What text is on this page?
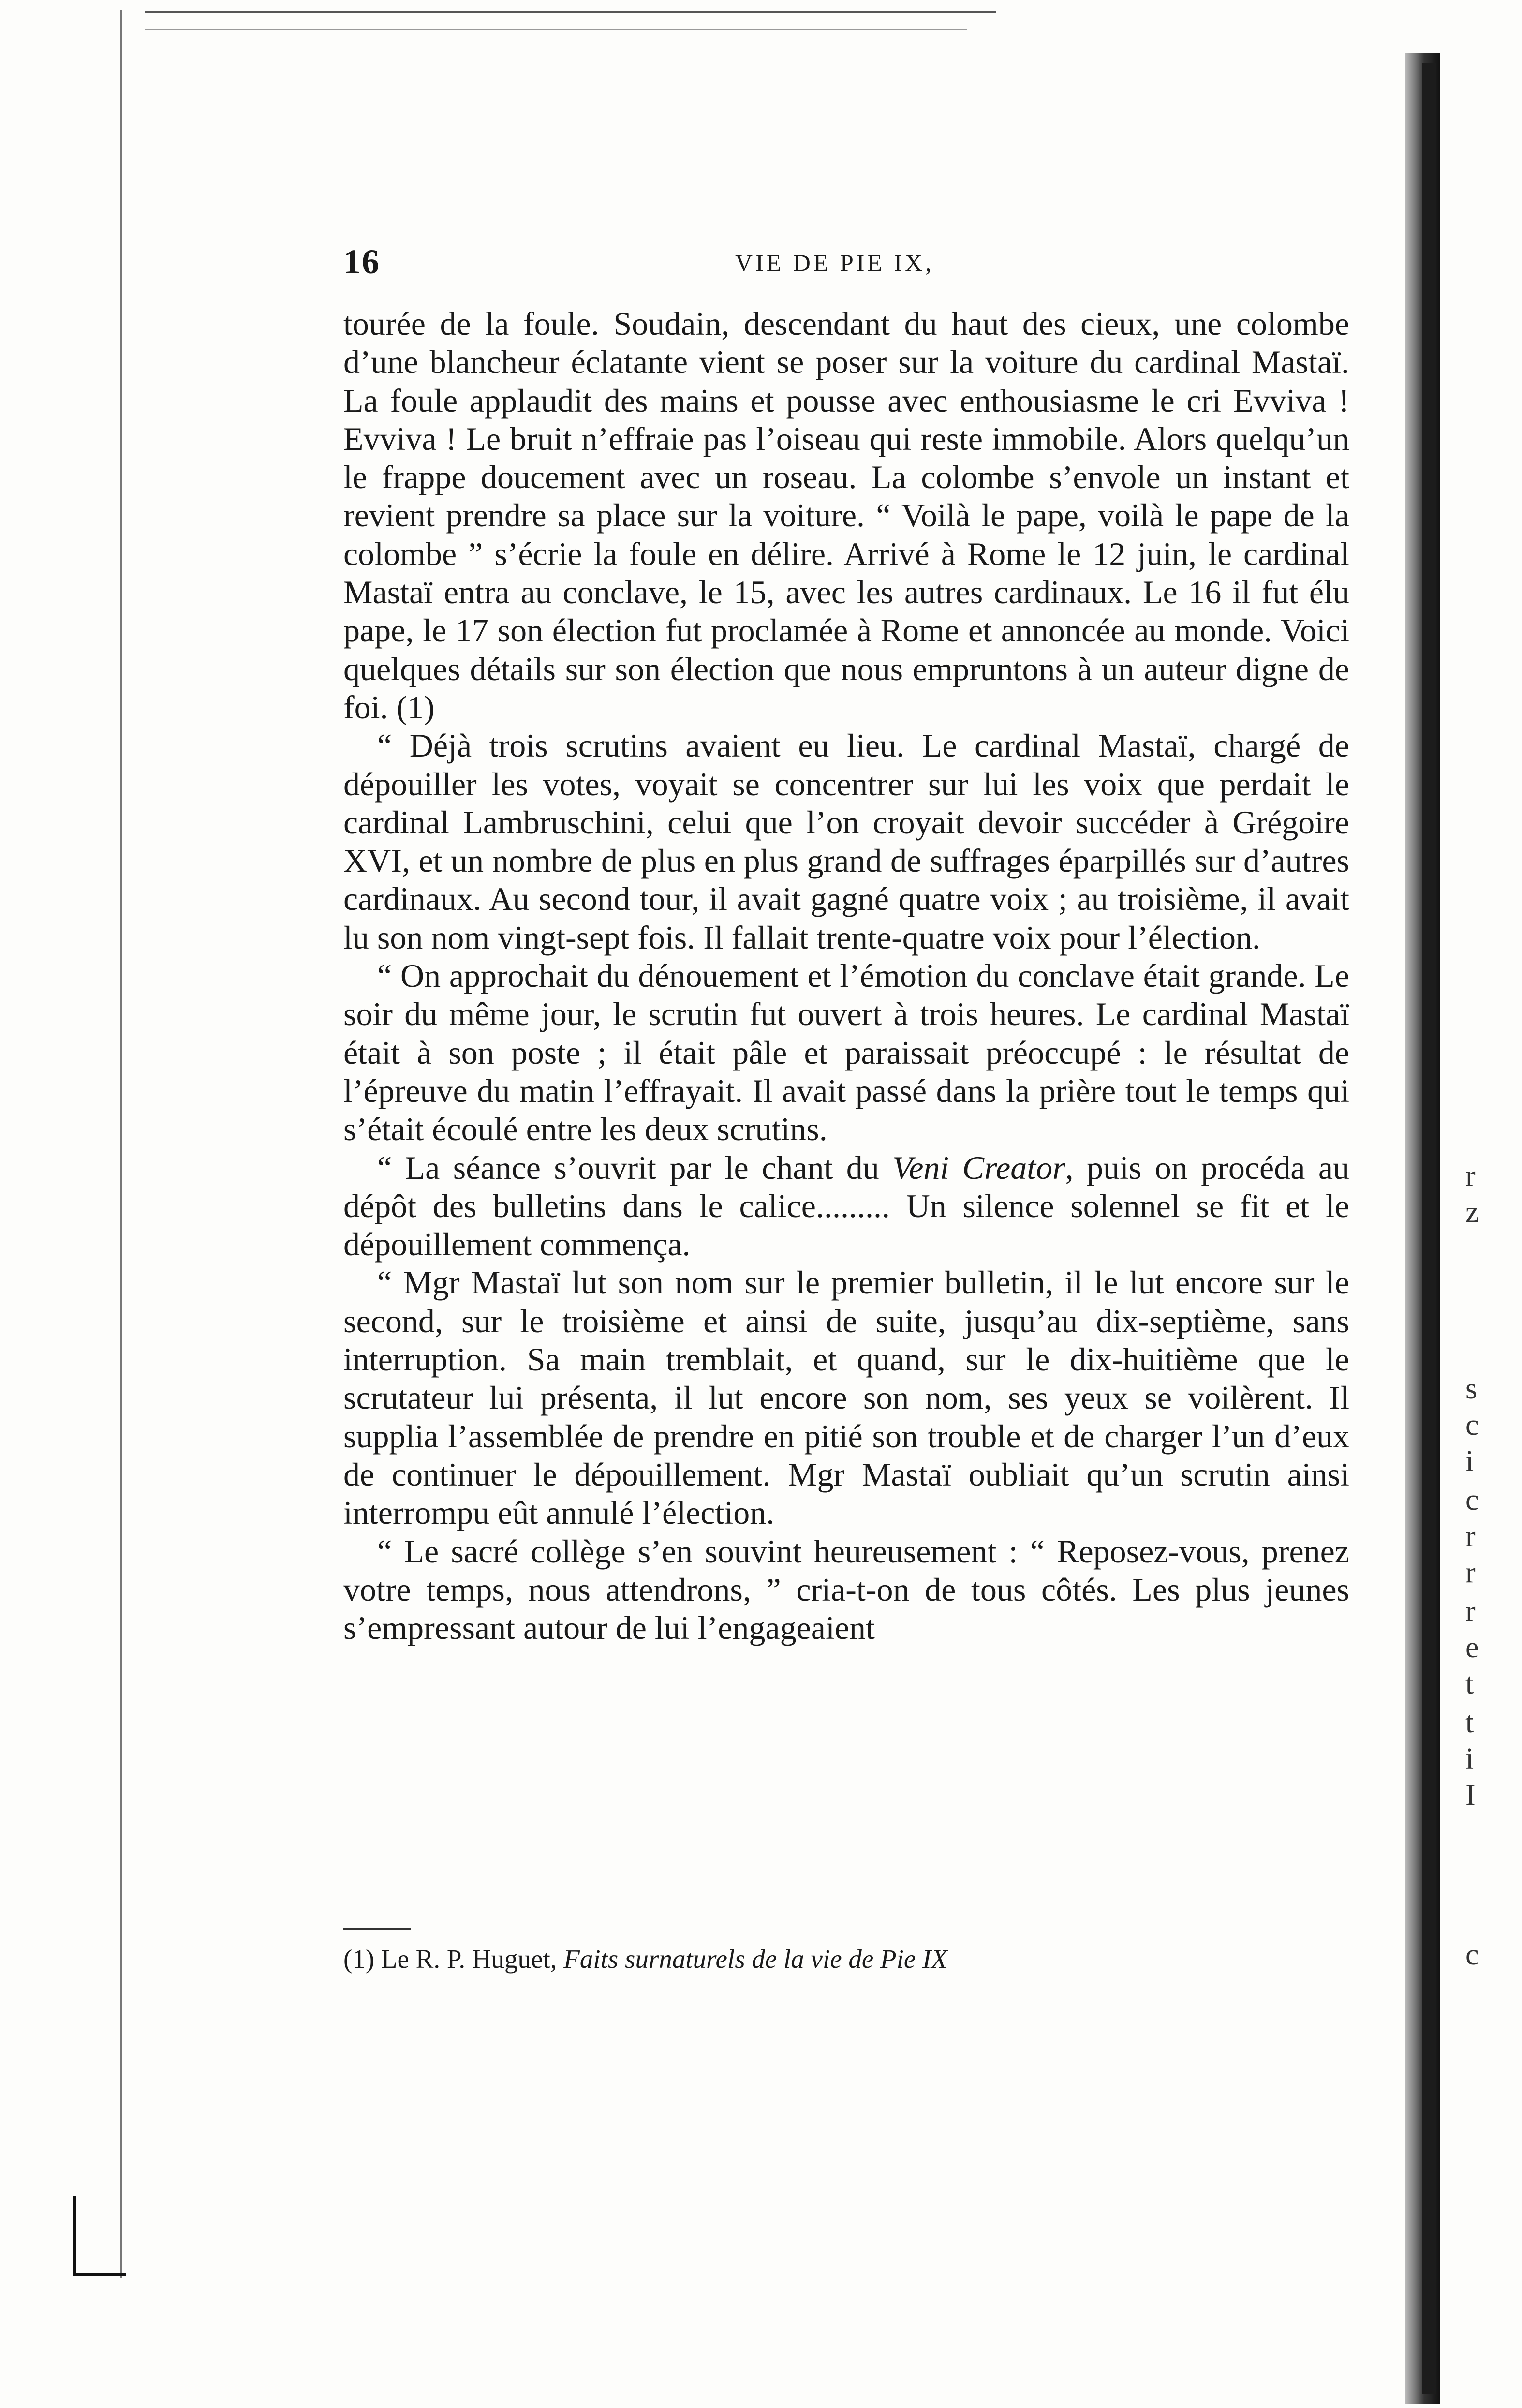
r
z
s
c
i
c
r
r
r
e
t
t
i
I
c
16	VIE DE PIE IX,

tourée de la foule. Soudain, descendant du haut des cieux, une colombe d’une blancheur éclatante vient se poser sur la voiture du cardinal Mastaï. La foule applaudit des mains et pousse avec enthousiasme le cri Evviva ! Evviva ! Le bruit n’effraie pas l’oiseau qui reste immobile. Alors quelqu’un le frappe doucement avec un roseau. La colombe s’envole un instant et revient prendre sa place sur la voiture. “ Voilà le pape, voilà le pape de la colombe ” s’écrie la foule en délire. Arrivé à Rome le 12 juin, le cardinal Mastaï entra au conclave, le 15, avec les autres cardinaux. Le 16 il fut élu pape, le 17 son élection fut proclamée à Rome et annoncée au monde. Voici quelques détails sur son élection que nous empruntons à un auteur digne de foi. (1)

“ Déjà trois scrutins avaient eu lieu. Le cardinal Mastaï, chargé de dépouiller les votes, voyait se concentrer sur lui les voix que perdait le cardinal Lambruschini, celui que l’on croyait devoir succéder à Grégoire XVI, et un nombre de plus en plus grand de suffrages éparpillés sur d’autres cardinaux. Au second tour, il avait gagné quatre voix ; au troisième, il avait lu son nom vingt-sept fois. Il fallait trente-quatre voix pour l’élection.

“ On approchait du dénouement et l’émotion du conclave était grande. Le soir du même jour, le scrutin fut ouvert à trois heures. Le cardinal Mastaï était à son poste ; il était pâle et paraissait préoccupé : le résultat de l’épreuve du matin l’effrayait. Il avait passé dans la prière tout le temps qui s’était écoulé entre les deux scrutins.

“ La séance s’ouvrit par le chant du Veni Creator, puis on procéda au dépôt des bulletins dans le calice......... Un silence solennel se fit et le dépouillement commença.

“ Mgr Mastaï lut son nom sur le premier bulletin, il le lut encore sur le second, sur le troisième et ainsi de suite, jusqu’au dix-septième, sans interruption. Sa main tremblait, et quand, sur le dix-huitième que le scrutateur lui présenta, il lut encore son nom, ses yeux se voilèrent. Il supplia l’assemblée de prendre en pitié son trouble et de charger l’un d’eux de continuer le dépouillement. Mgr Mastaï oubliait qu’un scrutin ainsi interrompu eût annulé l’élection.

“ Le sacré collège s’en souvint heureusement : “ Reposez-vous, prenez votre temps, nous attendrons, ” cria-t-on de tous côtés. Les plus jeunes s’empressant autour de lui l’engageaient

(1) Le R. P. Huguet, Faits surnaturels de la vie de Pie IX
